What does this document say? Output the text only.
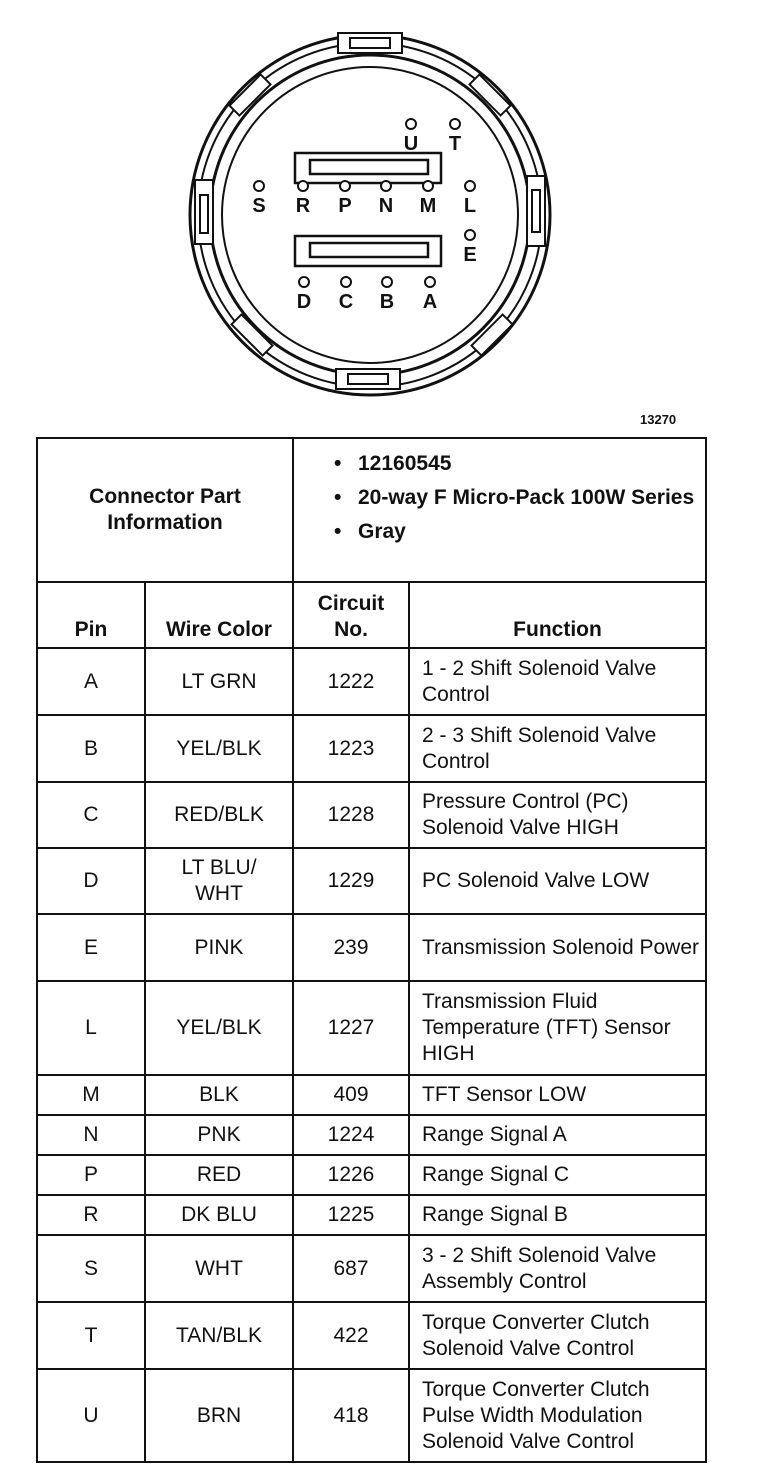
U T
S R P N M L
E
D C B A
13270
Connector Part Information		• 12160545
• 20-way F Micro-Pack 100W Series
• Gray

Pin	Wire Color	Circuit No.	Function

A	LT GRN	1222	1 - 2 Shift Solenoid Valve Control

B	YEL/BLK	1223	2 - 3 Shift Solenoid Valve Control

C	RED/BLK	1228	Pressure Control (PC) Solenoid Valve HIGH

D	LT BLU/ WHT	1229	PC Solenoid Valve LOW

E	PINK	239	Transmission Solenoid Power

L	YEL/BLK	1227	Transmission Fluid Temperature (TFT) Sensor HIGH

M	BLK	409	TFT Sensor LOW

N	PNK	1224	Range Signal A

P	RED	1226	Range Signal C

R	DK BLU	1225	Range Signal B

S	WHT	687	3 - 2 Shift Solenoid Valve Assembly Control

T	TAN/BLK	422	Torque Converter Clutch Solenoid Valve Control

U	BRN	418	Torque Converter Clutch Pulse Width Modulation Solenoid Valve Control
